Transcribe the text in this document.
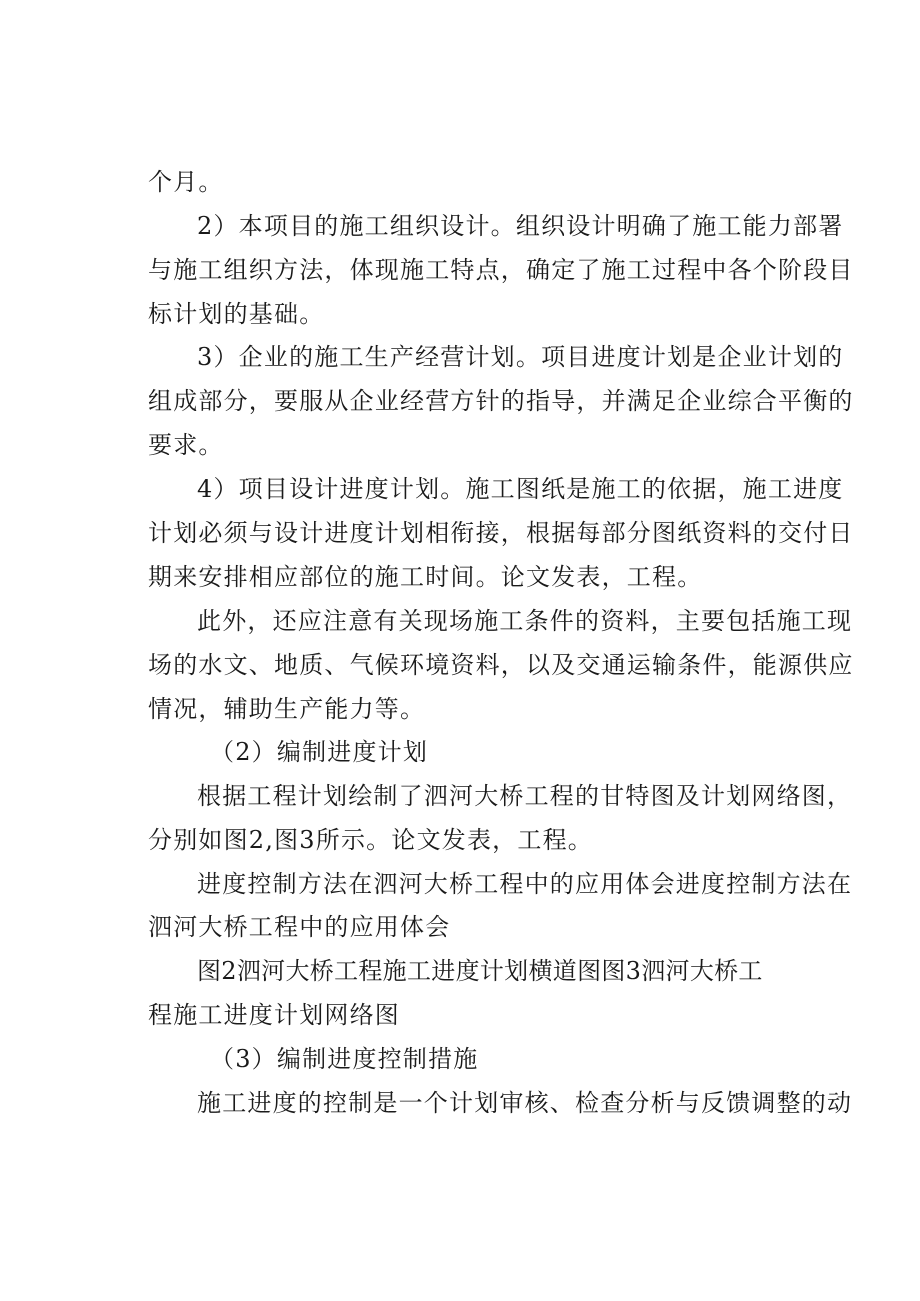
个月。
2）本项目的施工组织设计。组织设计明确了施工能力部署
与施工组织方法，体现施工特点，确定了施工过程中各个阶段目
标计划的基础。
3）企业的施工生产经营计划。项目进度计划是企业计划的
组成部分，要服从企业经营方针的指导，并满足企业综合平衡的
要求。
4）项目设计进度计划。施工图纸是施工的依据，施工进度
计划必须与设计进度计划相衔接，根据每部分图纸资料的交付日
期来安排相应部位的施工时间。论文发表，工程。
此外，还应注意有关现场施工条件的资料，主要包括施工现
场的水文、地质、气候环境资料，以及交通运输条件，能源供应
情况，辅助生产能力等。
（2）编制进度计划
根据工程计划绘制了泗河大桥工程的甘特图及计划网络图，
分别如图2,图3所示。论文发表，工程。
进度控制方法在泗河大桥工程中的应用体会进度控制方法在
泗河大桥工程中的应用体会
图2泗河大桥工程施工进度计划横道图图3泗河大桥工
程施工进度计划网络图
（3）编制进度控制措施
施工进度的控制是一个计划审核、检查分析与反馈调整的动
